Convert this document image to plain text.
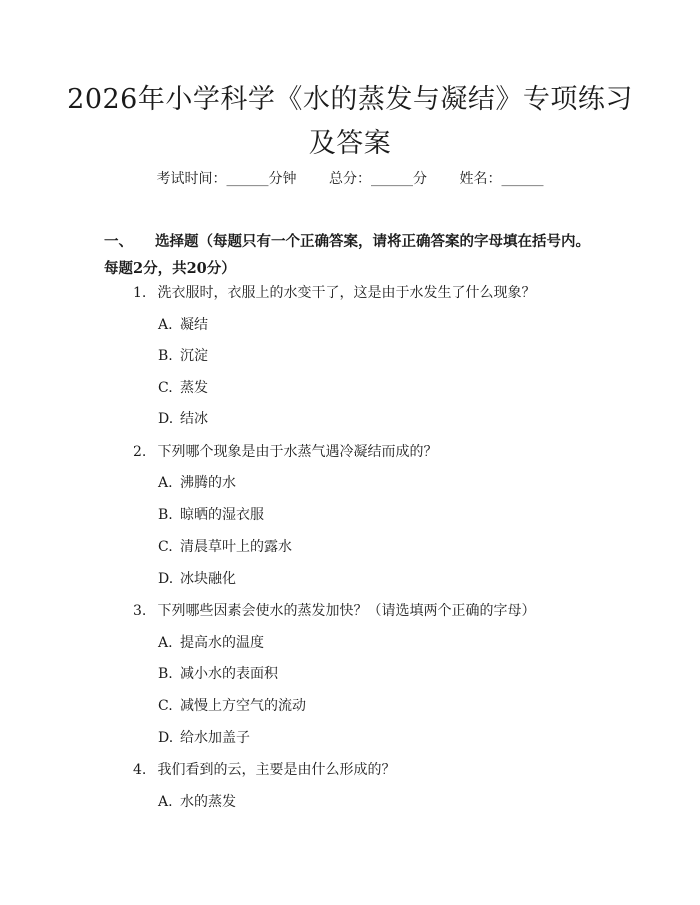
2026年小学科学《水的蒸发与凝结》专项练习及答案
考试时间：______分钟 总分：______分 姓名：______
一、 选择题（每题只有一个正确答案，请将正确答案的字母填在括号内。每题2分，共20分）
1. 洗衣服时，衣服上的水变干了，这是由于水发生了什么现象？
A. 凝结
B. 沉淀
C. 蒸发
D. 结冰
2. 下列哪个现象是由于水蒸气遇冷凝结而成的？
A. 沸腾的水
B. 晾晒的湿衣服
C. 清晨草叶上的露水
D. 冰块融化
3. 下列哪些因素会使水的蒸发加快？（请选填两个正确的字母）
A. 提高水的温度
B. 减小水的表面积
C. 减慢上方空气的流动
D. 给水加盖子
4. 我们看到的云，主要是由什么形成的？
A. 水的蒸发
